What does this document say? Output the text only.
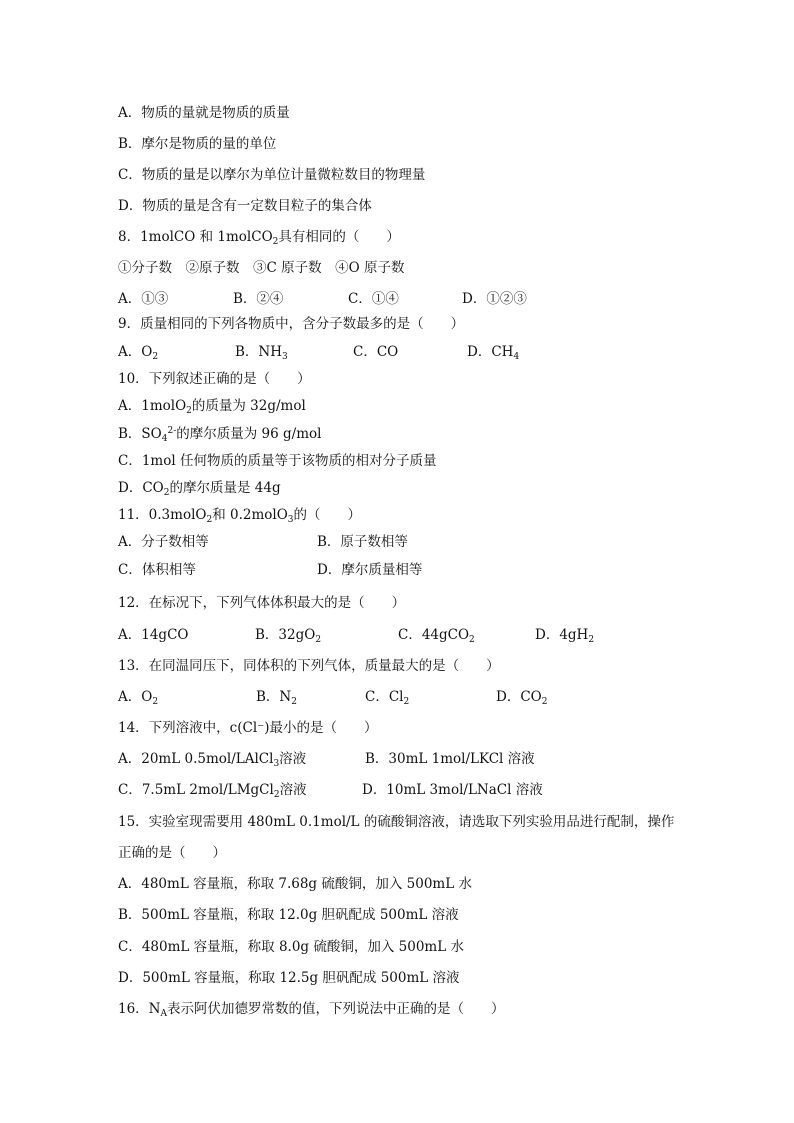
A．物质的量就是物质的质量
B．摩尔是物质的量的单位
C．物质的量是以摩尔为单位计量微粒数目的物理量
D．物质的量是含有一定数目粒子的集合体
8．1molCO 和 1molCO$_2$具有相同的（　　）
①分子数　②原子数　③C 原子数　④O 原子数
A．①③	B．②④	C．①④	D．①②③
9．质量相同的下列各物质中，含分子数最多的是（　　）
A．$O_2$	B．$NH_3$	C．CO	D．$CH_4$
10．下列叙述正确的是（　　）
A．1molO$_2$的质量为 32g/mol
B．$SO_4^{2-}$的摩尔质量为 96 g/mol
C．1mol 任何物质的质量等于该物质的相对分子质量
D．$CO_2$的摩尔质量是 44g
11．0.3molO$_2$和 0.2molO$_3$的（　　）
A．分子数相等	B．原子数相等
C．体积相等	D．摩尔质量相等
12．在标况下，下列气体体积最大的是（　　）
A．14gCO	B．$32gO_2$	C．44gCO$_2$	D．$4gH_2$
13．在同温同压下，同体积的下列气体，质量最大的是（　　）
A．$O_2$	B．$N_2$	C．$Cl_2$	D．$CO_2$
14．下列溶液中，c(Cl⁻)最小的是（　　）
A．20mL 0.5mol/LAlCl$_3$溶液	B．30mL 1mol/LKCl 溶液
C．7.5mL 2mol/LMgCl$_2$溶液	D．10mL 3mol/LNaCl 溶液
15．实验室现需要用 480mL 0.1mol/L 的硫酸铜溶液，请选取下列实验用品进行配制，操作
正确的是（　　）
A．480mL 容量瓶，称取 7.68g 硫酸铜，加入 500mL 水
B．500mL 容量瓶，称取 12.0g 胆矾配成 500mL 溶液
C．480mL 容量瓶，称取 8.0g 硫酸铜，加入 500mL 水
D．500mL 容量瓶，称取 12.5g 胆矾配成 500mL 溶液
16．$N_A$表示阿伏加德罗常数的值，下列说法中正确的是（　　）
